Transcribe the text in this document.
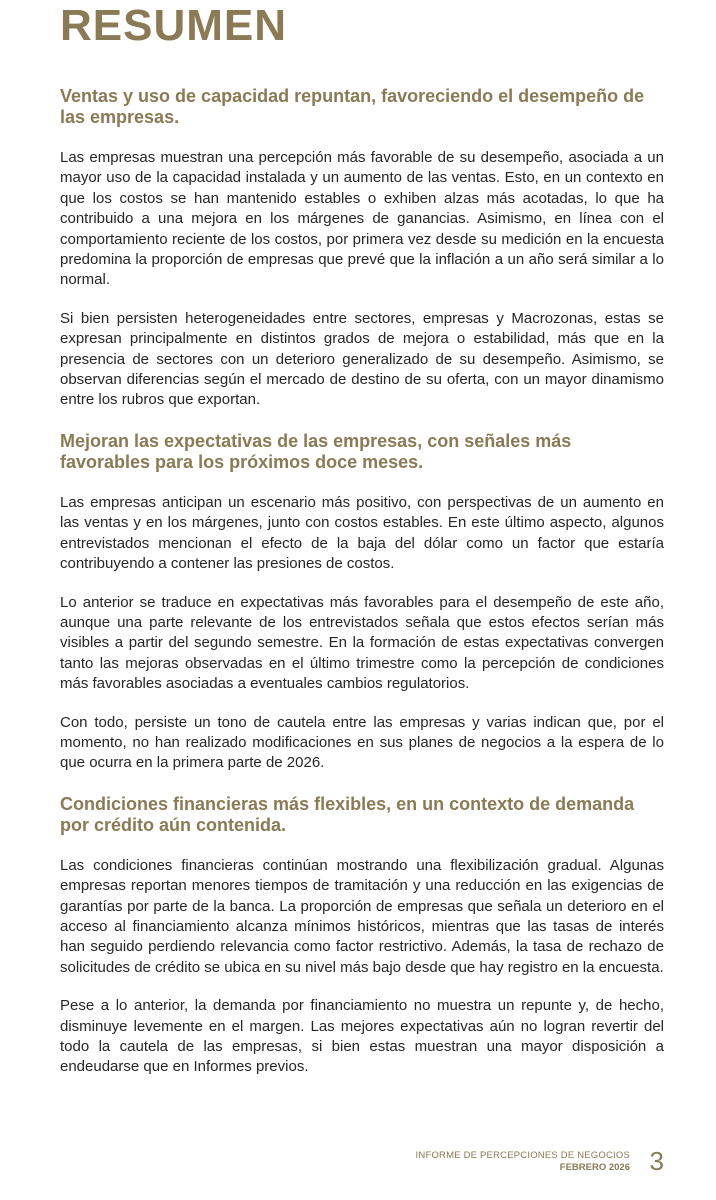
RESUMEN
Ventas y uso de capacidad repuntan, favoreciendo el desempeño de las empresas.

Las empresas muestran una percepción más favorable de su desempeño, asociada a un mayor uso de la capacidad instalada y un aumento de las ventas. Esto, en un contexto en que los costos se han mantenido estables o exhiben alzas más acotadas, lo que ha contribuido a una mejora en los márgenes de ganancias. Asimismo, en línea con el comportamiento reciente de los costos, por primera vez desde su medición en la encuesta predomina la proporción de empresas que prevé que la inflación a un año será similar a lo normal.

Si bien persisten heterogeneidades entre sectores, empresas y Macrozonas, estas se expresan principalmente en distintos grados de mejora o estabilidad, más que en la presencia de sectores con un deterioro generalizado de su desempeño. Asimismo, se observan diferencias según el mercado de destino de su oferta, con un mayor dinamismo entre los rubros que exportan.

Mejoran las expectativas de las empresas, con señales más favorables para los próximos doce meses.

Las empresas anticipan un escenario más positivo, con perspectivas de un aumento en las ventas y en los márgenes, junto con costos estables. En este último aspecto, algunos entrevistados mencionan el efecto de la baja del dólar como un factor que estaría contribuyendo a contener las presiones de costos.

Lo anterior se traduce en expectativas más favorables para el desempeño de este año, aunque una parte relevante de los entrevistados señala que estos efectos serían más visibles a partir del segundo semestre. En la formación de estas expectativas convergen tanto las mejoras observadas en el último trimestre como la percepción de condiciones más favorables asociadas a eventuales cambios regulatorios.

Con todo, persiste un tono de cautela entre las empresas y varias indican que, por el momento, no han realizado modificaciones en sus planes de negocios a la espera de lo que ocurra en la primera parte de 2026.

Condiciones financieras más flexibles, en un contexto de demanda por crédito aún contenida.

Las condiciones financieras continúan mostrando una flexibilización gradual. Algunas empresas reportan menores tiempos de tramitación y una reducción en las exigencias de garantías por parte de la banca. La proporción de empresas que señala un deterioro en el acceso al financiamiento alcanza mínimos históricos, mientras que las tasas de interés han seguido perdiendo relevancia como factor restrictivo. Además, la tasa de rechazo de solicitudes de crédito se ubica en su nivel más bajo desde que hay registro en la encuesta.

Pese a lo anterior, la demanda por financiamiento no muestra un repunte y, de hecho, disminuye levemente en el margen. Las mejores expectativas aún no logran revertir del todo la cautela de las empresas, si bien estas muestran una mayor disposición a endeudarse que en Informes previos.

INFORME DE PERCEPCIONES DE NEGOCIOS
FEBRERO 2026 3
